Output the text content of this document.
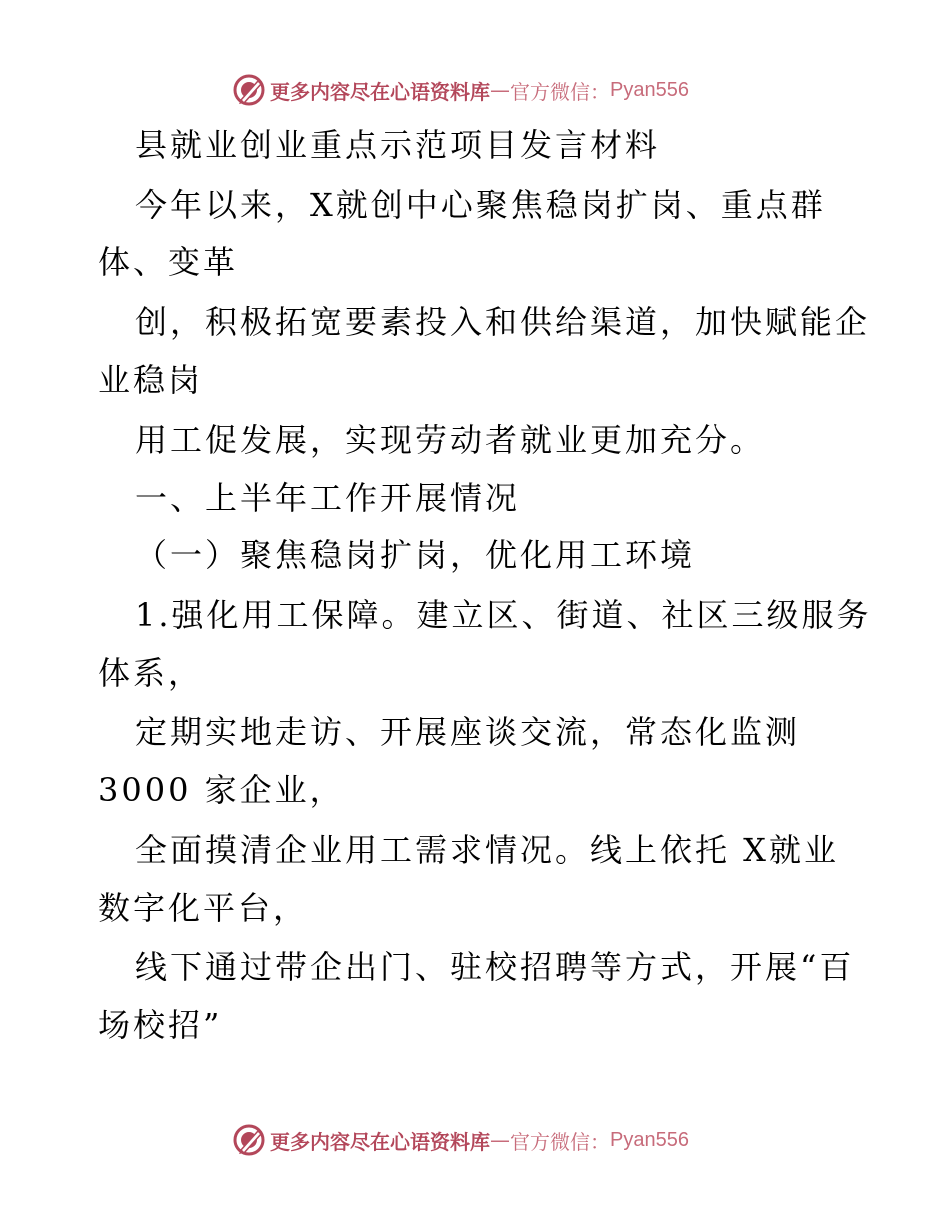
更多内容尽在心语资料库 — 官方微信： Pyan556
县就业创业重点示范项目发言材料
今年以来，X就创中心聚焦稳岗扩岗、重点群
体、变革
创，积极拓宽要素投入和供给渠道，加快赋能企
业稳岗
用工促发展，实现劳动者就业更加充分。
一、上半年工作开展情况
（一）聚焦稳岗扩岗，优化用工环境
1.强化用工保障。建立区、街道、社区三级服务
体系，
定期实地走访、开展座谈交流，常态化监测
3000 家企业，
全面摸清企业用工需求情况。线上依托 X就业
数字化平台，
线下通过带企出门、驻校招聘等方式，开展“百
场校招”
更多内容尽在心语资料库 — 官方微信： Pyan556
